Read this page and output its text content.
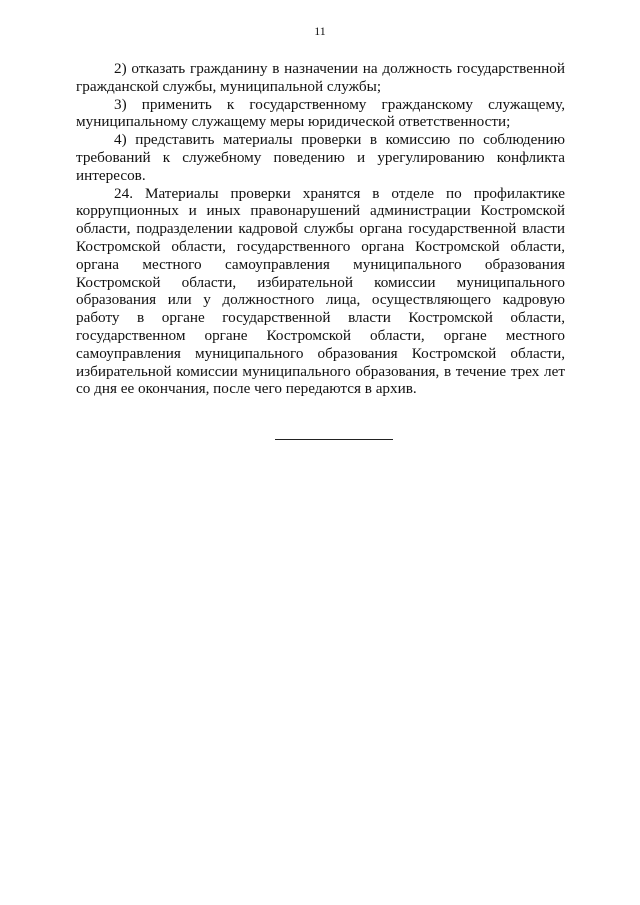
11

2) отказать гражданину в назначении на должность государственной гражданской службы, муниципальной службы;

3) применить к государственному гражданскому служащему, муниципальному служащему меры юридической ответственности;

4) представить материалы проверки в комиссию по соблюдению требований к служебному поведению и урегулированию конфликта интересов.

24. Материалы проверки хранятся в отделе по профилактике коррупционных и иных правонарушений администрации Костромской области, подразделении кадровой службы органа государственной власти Костромской области, государственного органа Костромской области, органа местного самоуправления муниципального образования Костромской области, избирательной комиссии муниципального образования или у должностного лица, осуществляющего кадровую работу в органе государственной власти Костромской области, государственном органе Костромской области, органе местного самоуправления муниципального образования Костромской области, избирательной комиссии муниципального образования, в течение трех лет со дня ее окончания, после чего передаются в архив.
